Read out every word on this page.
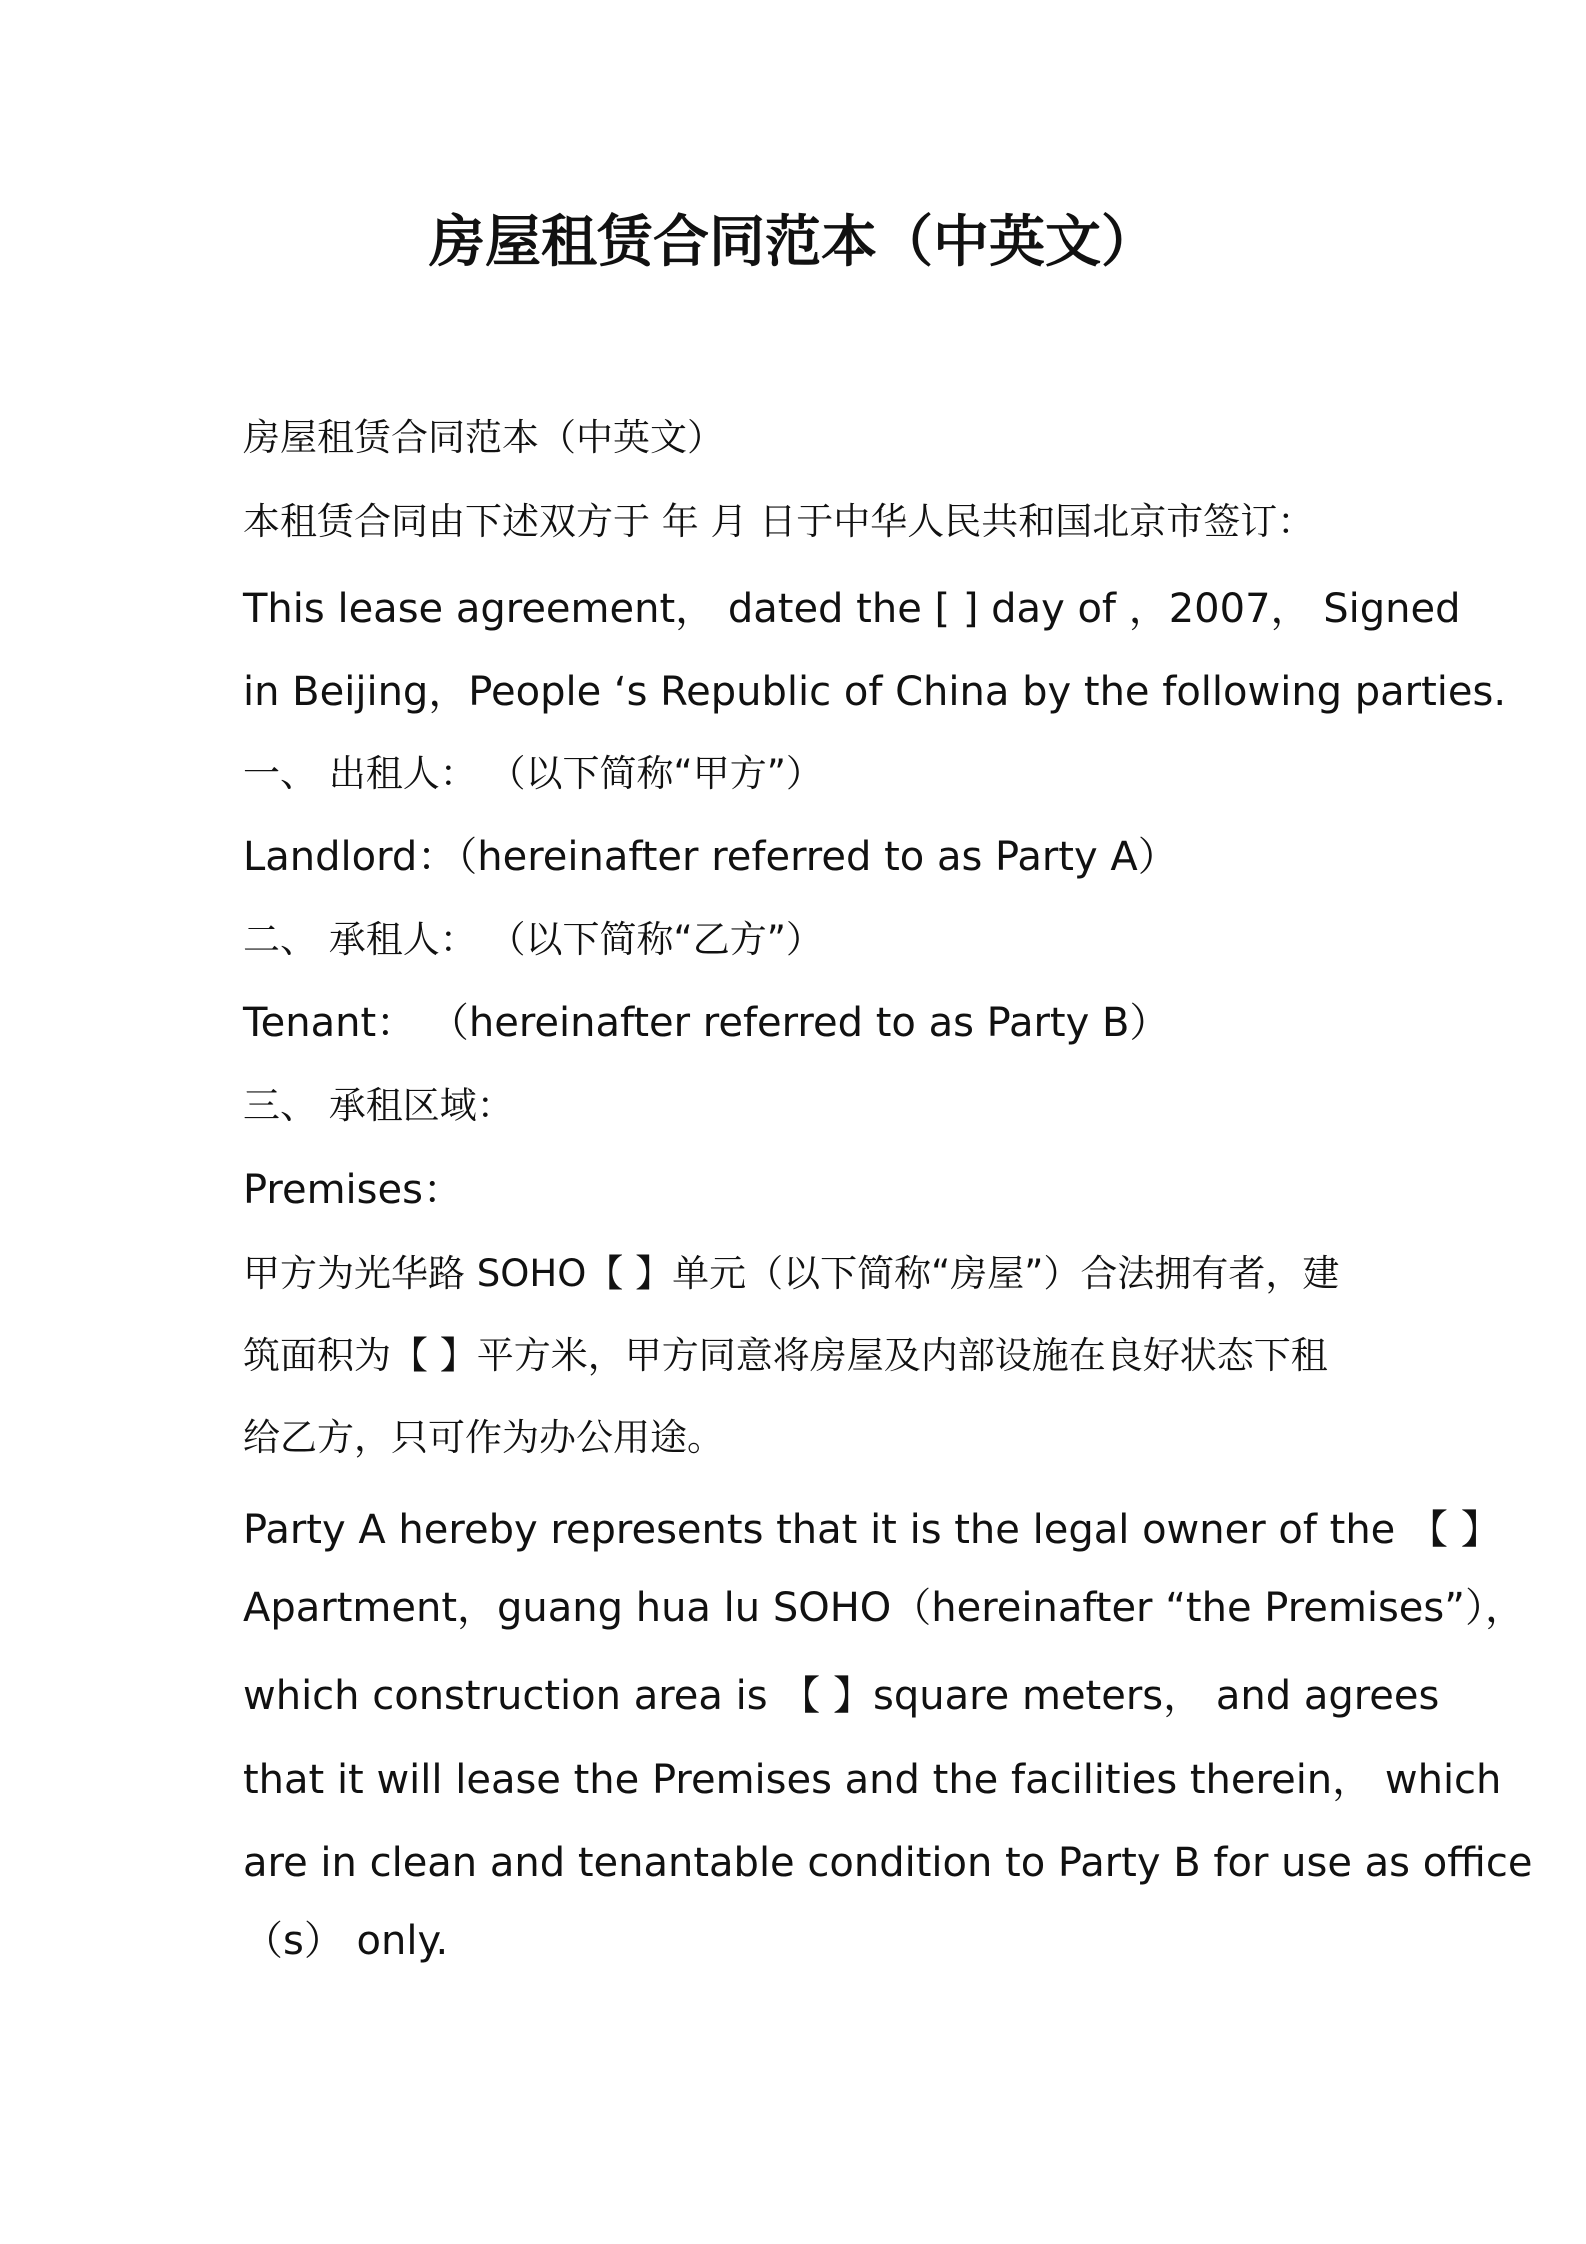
房屋租赁合同范本（中英文）
房屋租赁合同范本（中英文）
本租赁合同由下述双方于 年 月 日于中华人民共和国北京市签订：
This lease agreement， dated the [ ] day of ，2007， Signed
in Beijing，People ‘s Republic of China by the following parties.
一、 出租人： （以下简称“甲方”）
Landlord：（hereinafter referred to as Party A）
二、 承租人： （以下简称“乙方”）
Tenant： （hereinafter referred to as Party B）
三、 承租区域：
Premises：
甲方为光华路 SOHO【 】单元（以下简称“房屋”）合法拥有者，建
筑面积为【 】平方米，甲方同意将房屋及内部设施在良好状态下租
给乙方，只可作为办公用途。
Party A hereby represents that it is the legal owner of the 【 】
Apartment，guang hua lu SOHO（hereinafter “the Premises”），
which construction area is 【 】square meters， and agrees
that it will lease the Premises and the facilities therein， which
are in clean and tenantable condition to Party B for use as office
（s） only.
